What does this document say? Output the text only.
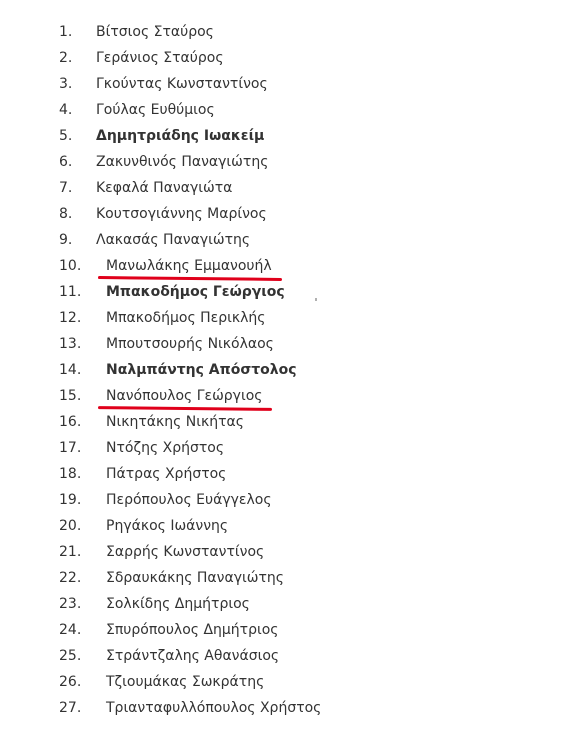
1. Βίτσιος Σταύρος
2. Γεράνιος Σταύρος
3. Γκούντας Κωνσταντίνος
4. Γούλας Ευθύμιος
5. Δημητριάδης Ιωακείμ
6. Ζακυνθινός Παναγιώτης
7. Κεφαλά Παναγιώτα
8. Κουτσογιάννης Μαρίνος
9. Λακασάς Παναγιώτης
10. Μανωλάκης Εμμανουήλ
11. Μπακοδήμος Γεώργιος
12. Μπακοδήμος Περικλής
13. Μπουτσουρής Νικόλαος
14. Ναλμπάντης Απόστολος
15. Νανόπουλος Γεώργιος
16. Νικητάκης Νικήτας
17. Ντόζης Χρήστος
18. Πάτρας Χρήστος
19. Περόπουλος Ευάγγελος
20. Ρηγάκος Ιωάννης
21. Σαρρής Κωνσταντίνος
22. Σδραυκάκης Παναγιώτης
23. Σολκίδης Δημήτριος
24. Σπυρόπουλος Δημήτριος
25. Στράντζαλης Αθανάσιος
26. Τζιουμάκας Σωκράτης
27. Τριανταφυλλόπουλος Χρήστος
